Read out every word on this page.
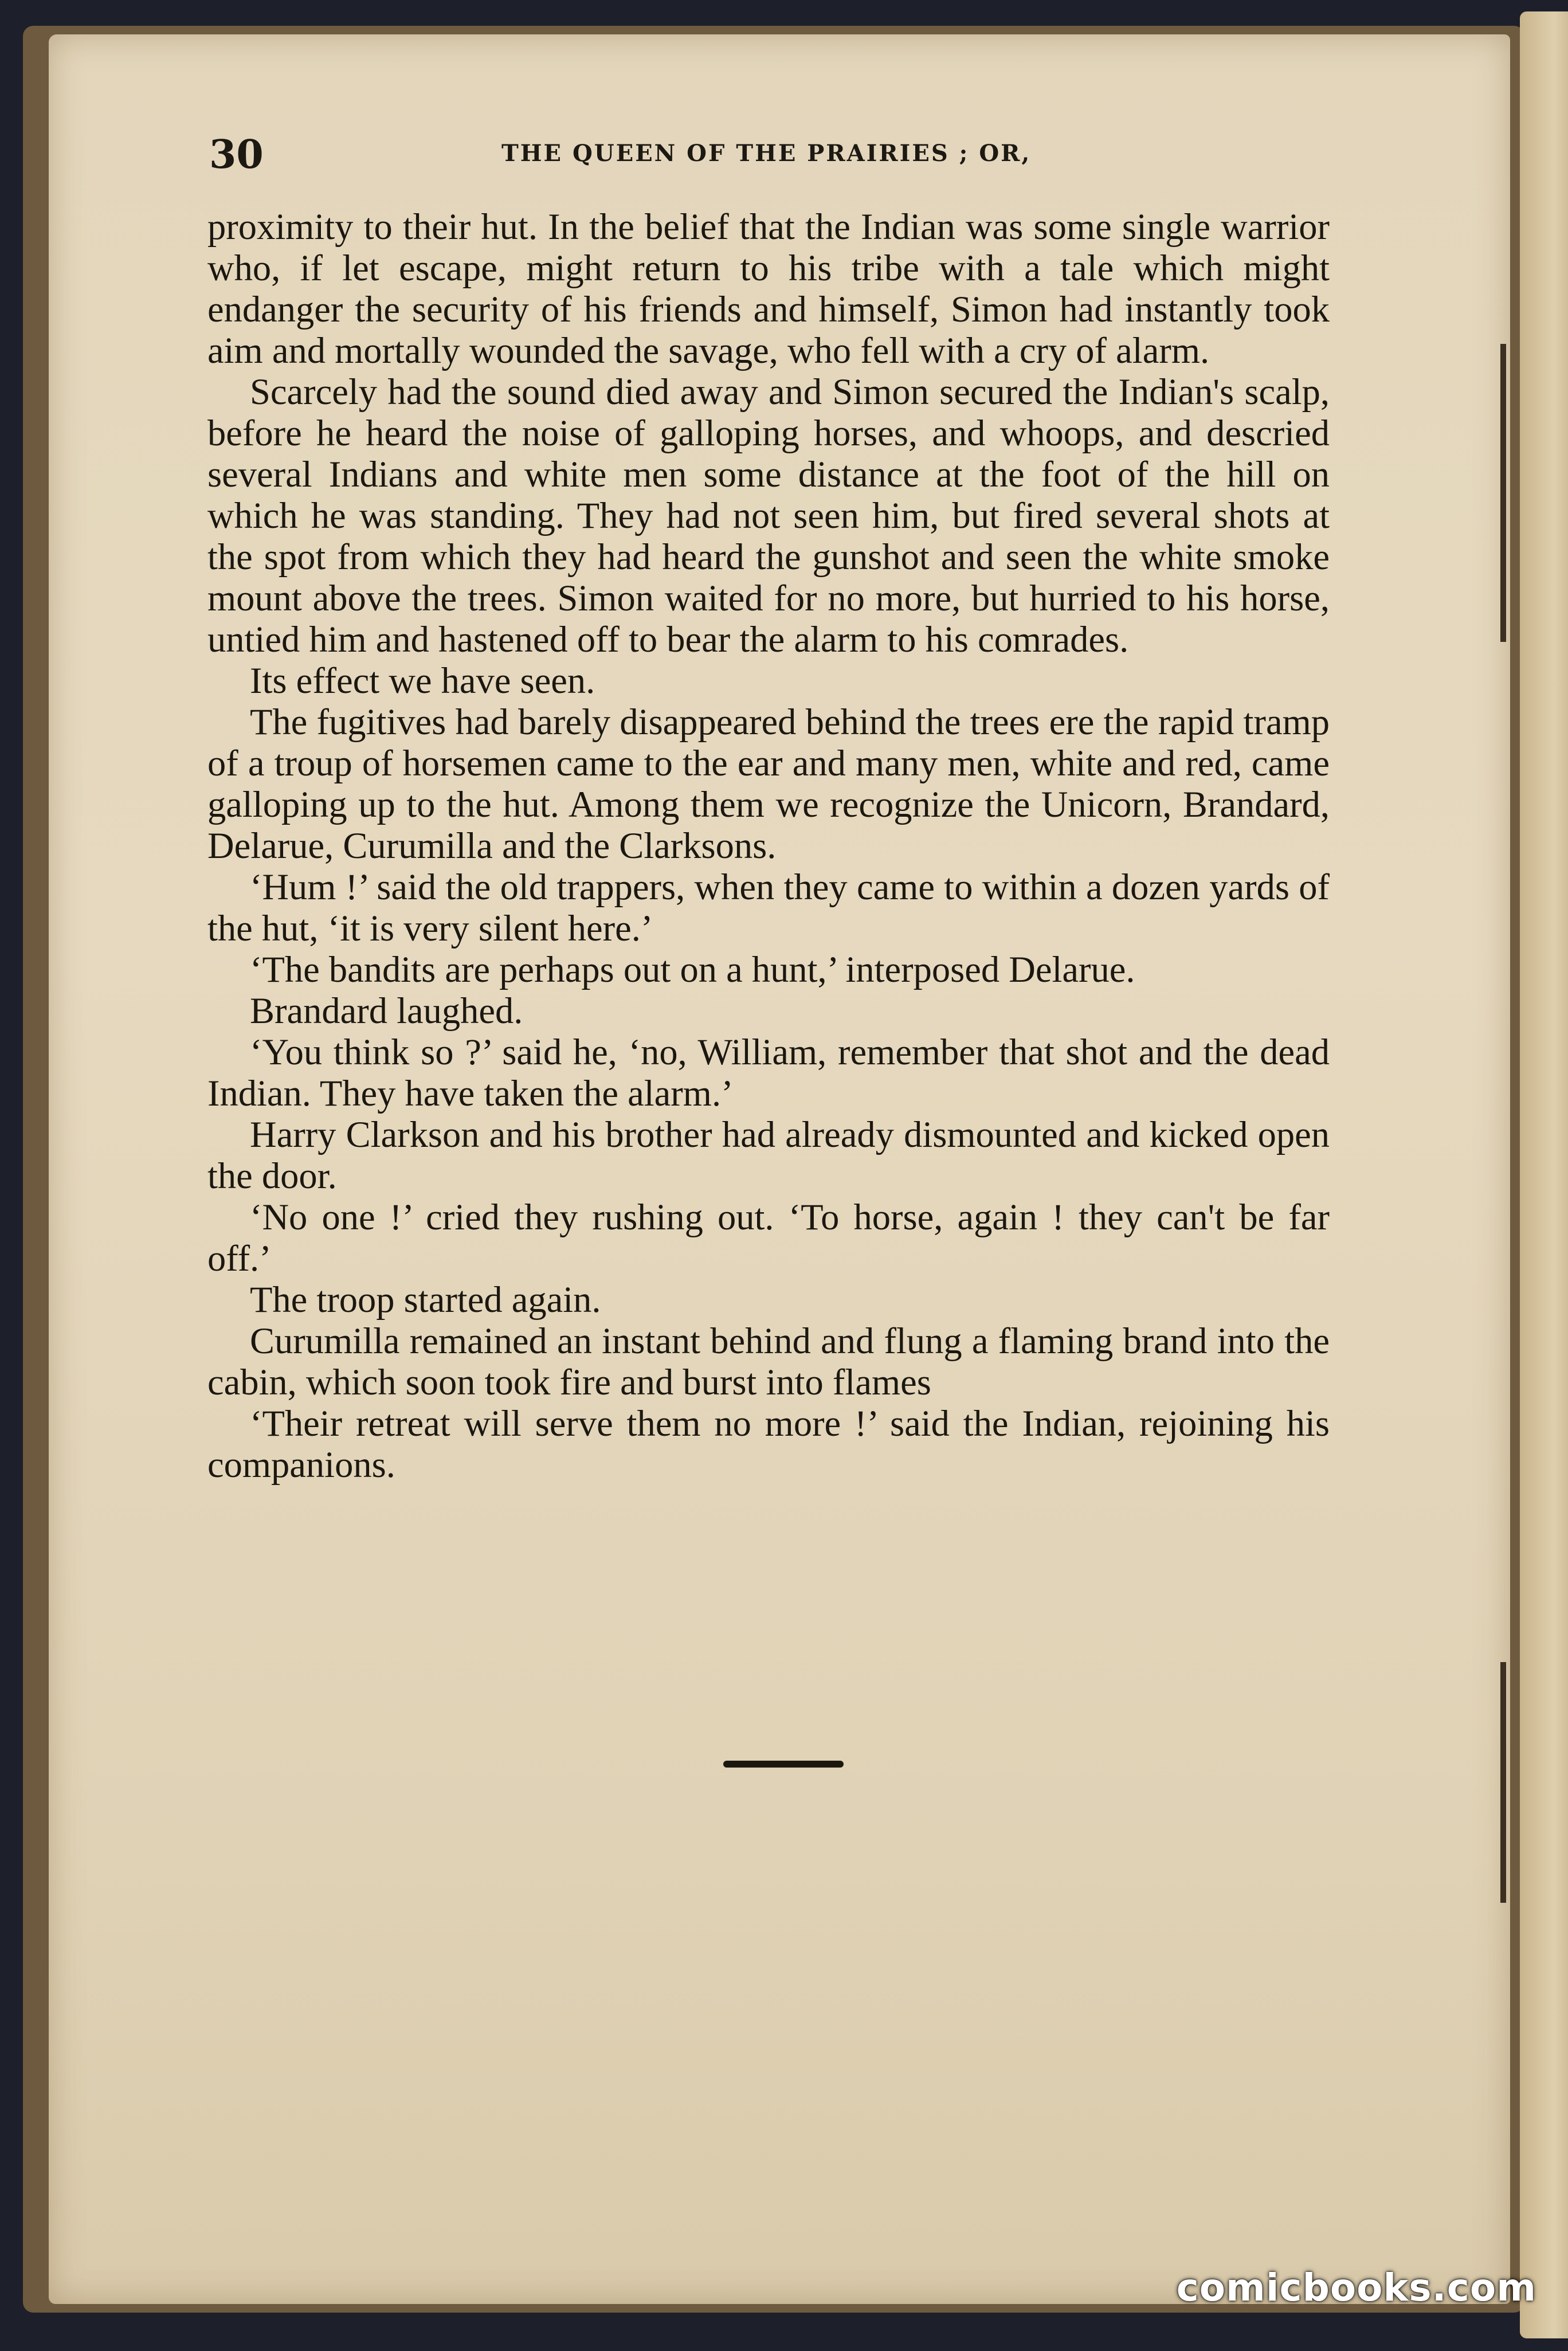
30	THE QUEEN OF THE PRAIRIES ; OR,

proximity to their hut. In the belief that the Indian was some single warrior who, if let escape, might return to his tribe with a tale which might endanger the security of his friends and himself, Simon had instantly took aim and mortally wounded the savage, who fell with a cry of alarm.

Scarcely had the sound died away and Simon secured the Indian's scalp, before he heard the noise of galloping horses, and whoops, and descried several Indians and white men some distance at the foot of the hill on which he was standing. They had not seen him, but fired several shots at the spot from which they had heard the gunshot and seen the white smoke mount above the trees. Simon waited for no more, but hurried to his horse, untied him and hastened off to bear the alarm to his comrades.

Its effect we have seen.

The fugitives had barely disappeared behind the trees ere the rapid tramp of a troup of horsemen came to the ear and many men, white and red, came galloping up to the hut. Among them we recognize the Unicorn, Brandard, Delarue, Curumilla and the Clarksons.

‘Hum !’ said the old trappers, when they came to within a dozen yards of the hut, ‘it is very silent here.’

‘The bandits are perhaps out on a hunt,’ interposed Delarue.

Brandard laughed.

‘You think so ?’ said he, ‘no, William, remember that shot and the dead Indian. They have taken the alarm.’

Harry Clarkson and his brother had already dismounted and kicked open the door.

‘No one !’ cried they rushing out. ‘To horse, again ! they can't be far off.’

The troop started again.

Curumilla remained an instant behind and flung a flaming brand into the cabin, which soon took fire and burst into flames

‘Their retreat will serve them no more !’ said the Indian, rejoining his companions.

comicbooks.com
